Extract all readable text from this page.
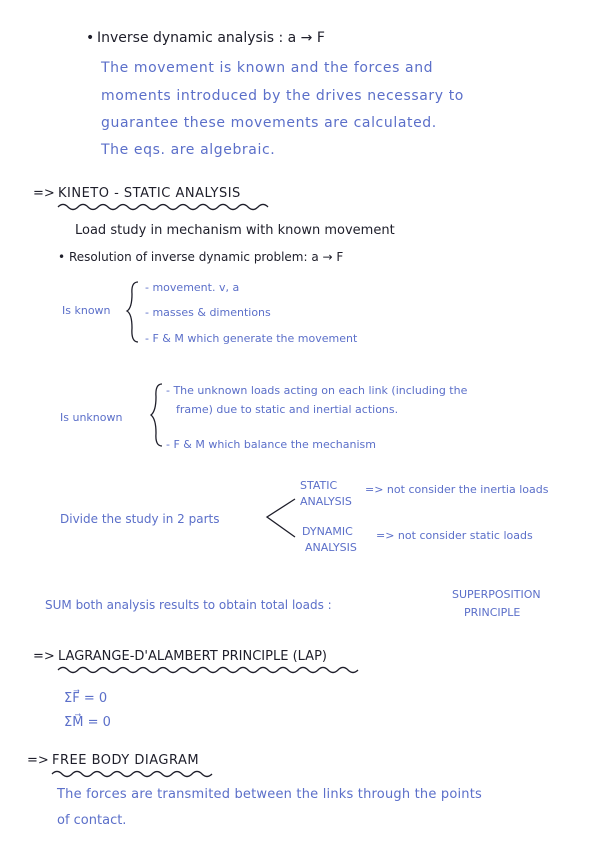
• Inverse dynamic analysis : a → F
The movement is known and the forces and
moments introduced by the drives necessary to
guarantee these movements are calculated.
The eqs. are algebraic.
=> KINETO - STATIC ANALYSIS
Load study in mechanism with known movement
• Resolution of inverse dynamic problem: a → F
Is known
- movement. v, a
- masses & dimentions
- F & M which generate the movement
Is unknown
- The unknown loads acting on each link (including the
frame) due to static and inertial actions.
- F & M which balance the mechanism
Divide the study in 2 parts
STATIC
ANALYSIS
=> not consider the inertia loads
DYNAMIC
ANALYSIS
=> not consider static loads
SUM both analysis results to obtain total loads :
SUPERPOSITION
PRINCIPLE
=> LAGRANGE-D'ALAMBERT PRINCIPLE (LAP)
ΣF⃗ = 0
ΣM⃗ = 0
=> FREE BODY DIAGRAM
The forces are transmited between the links through the points
of contact.
